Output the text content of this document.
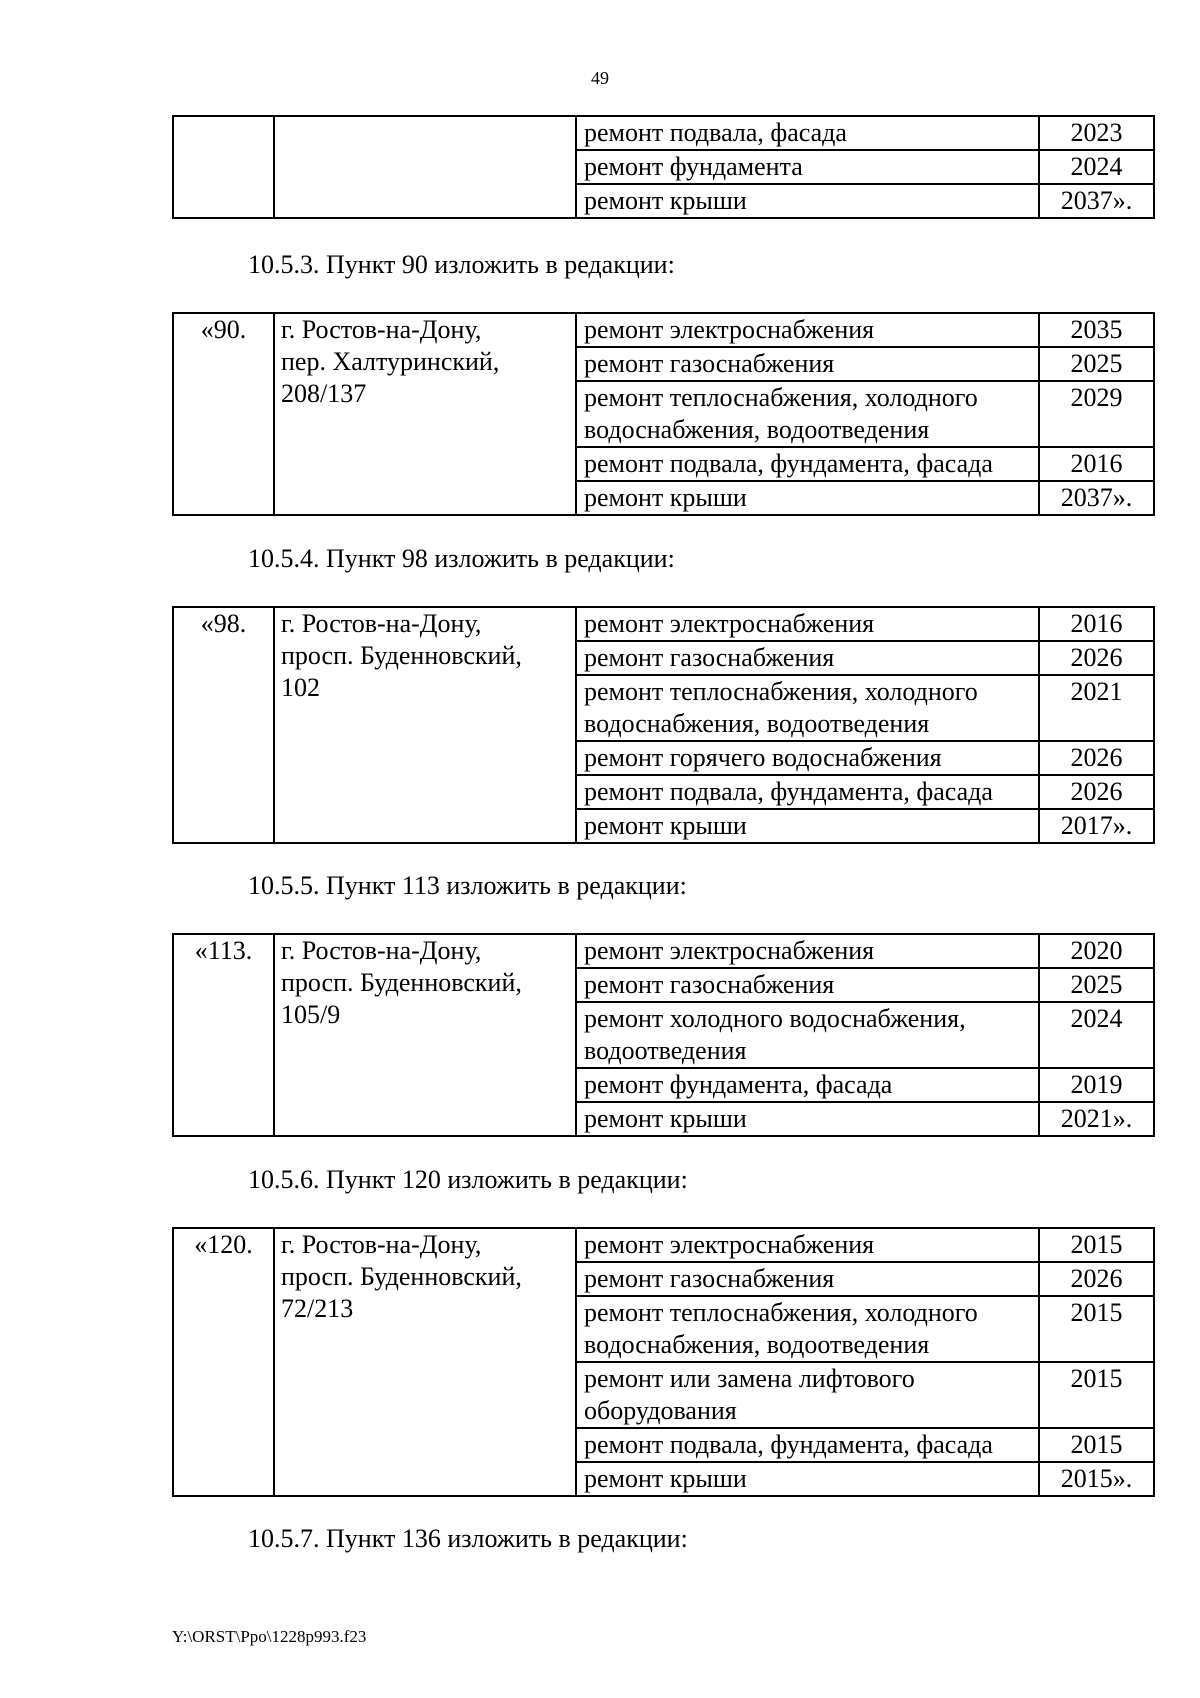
49
		ремонт подвала, фасада	2023
		ремонт фундамента	2024
		ремонт крыши	2037».
10.5.3. Пункт 90 изложить в редакции:
«90.	г. Ростов-на-Дону,
пер. Халтуринский,
208/137	ремонт электроснабжения	2035
		ремонт газоснабжения	2025
		ремонт теплоснабжения, холодного водоснабжения, водоотведения	2029
		ремонт подвала, фундамента, фасада	2016
		ремонт крыши	2037».
10.5.4. Пункт 98 изложить в редакции:
«98.	г. Ростов-на-Дону,
просп. Буденновский,
102	ремонт электроснабжения	2016
		ремонт газоснабжения	2026
		ремонт теплоснабжения, холодного водоснабжения, водоотведения	2021
		ремонт горячего водоснабжения	2026
		ремонт подвала, фундамента, фасада	2026
		ремонт крыши	2017».
10.5.5. Пункт 113 изложить в редакции:
«113.	г. Ростов-на-Дону,
просп. Буденновский,
105/9	ремонт электроснабжения	2020
		ремонт газоснабжения	2025
		ремонт холодного водоснабжения, водоотведения	2024
		ремонт фундамента, фасада	2019
		ремонт крыши	2021».
10.5.6. Пункт 120 изложить в редакции:
«120.	г. Ростов-на-Дону,
просп. Буденновский,
72/213	ремонт электроснабжения	2015
		ремонт газоснабжения	2026
		ремонт теплоснабжения, холодного водоснабжения, водоотведения	2015
		ремонт или замена лифтового оборудования	2015
		ремонт подвала, фундамента, фасада	2015
		ремонт крыши	2015».
10.5.7. Пункт 136 изложить в редакции:
Y:\ORST\Ppo\1228p993.f23
